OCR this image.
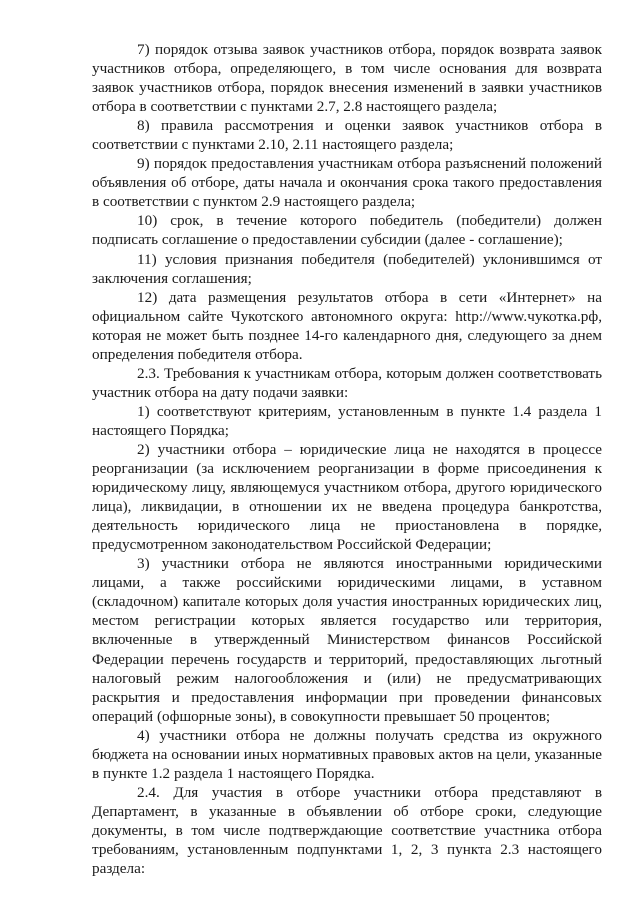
7) порядок отзыва заявок участников отбора, порядок возврата заявок участников отбора, определяющего, в том числе основания для возврата заявок участников отбора, порядок внесения изменений в заявки участников отбора в соответствии с пунктами 2.7, 2.8 настоящего раздела;

8) правила рассмотрения и оценки заявок участников отбора в соответствии с пунктами 2.10, 2.11 настоящего раздела;

9) порядок предоставления участникам отбора разъяснений положений объявления об отборе, даты начала и окончания срока такого предоставления в соответствии с пунктом 2.9 настоящего раздела;

10) срок, в течение которого победитель (победители) должен подписать соглашение о предоставлении субсидии (далее - соглашение);

11) условия признания победителя (победителей) уклонившимся от заключения соглашения;

12) дата размещения результатов отбора в сети «Интернет» на официальном сайте Чукотского автономного округа: http://www.чукотка.рф, которая не может быть позднее 14-го календарного дня, следующего за днем определения победителя отбора.

2.3. Требования к участникам отбора, которым должен соответствовать участник отбора на дату подачи заявки:

1) соответствуют критериям, установленным в пункте 1.4 раздела 1 настоящего Порядка;

2) участники отбора – юридические лица не находятся в процессе реорганизации (за исключением реорганизации в форме присоединения к юридическому лицу, являющемуся участником отбора, другого юридического лица), ликвидации, в отношении их не введена процедура банкротства, деятельность юридического лица не приостановлена в порядке, предусмотренном законодательством Российской Федерации;

3) участники отбора не являются иностранными юридическими лицами, а также российскими юридическими лицами, в уставном (складочном) капитале которых доля участия иностранных юридических лиц, местом регистрации которых является государство или территория, включенные в утвержденный Министерством финансов Российской Федерации перечень государств и территорий, предоставляющих льготный налоговый режим налогообложения и (или) не предусматривающих раскрытия и предоставления информации при проведении финансовых операций (офшорные зоны), в совокупности превышает 50 процентов;

4) участники отбора не должны получать средства из окружного бюджета на основании иных нормативных правовых актов на цели, указанные в пункте 1.2 раздела 1 настоящего Порядка.

2.4. Для участия в отборе участники отбора представляют в Департамент, в указанные в объявлении об отборе сроки, следующие документы, в том числе подтверждающие соответствие участника отбора требованиям, установленным подпунктами 1, 2, 3 пункта 2.3 настоящего раздела:
